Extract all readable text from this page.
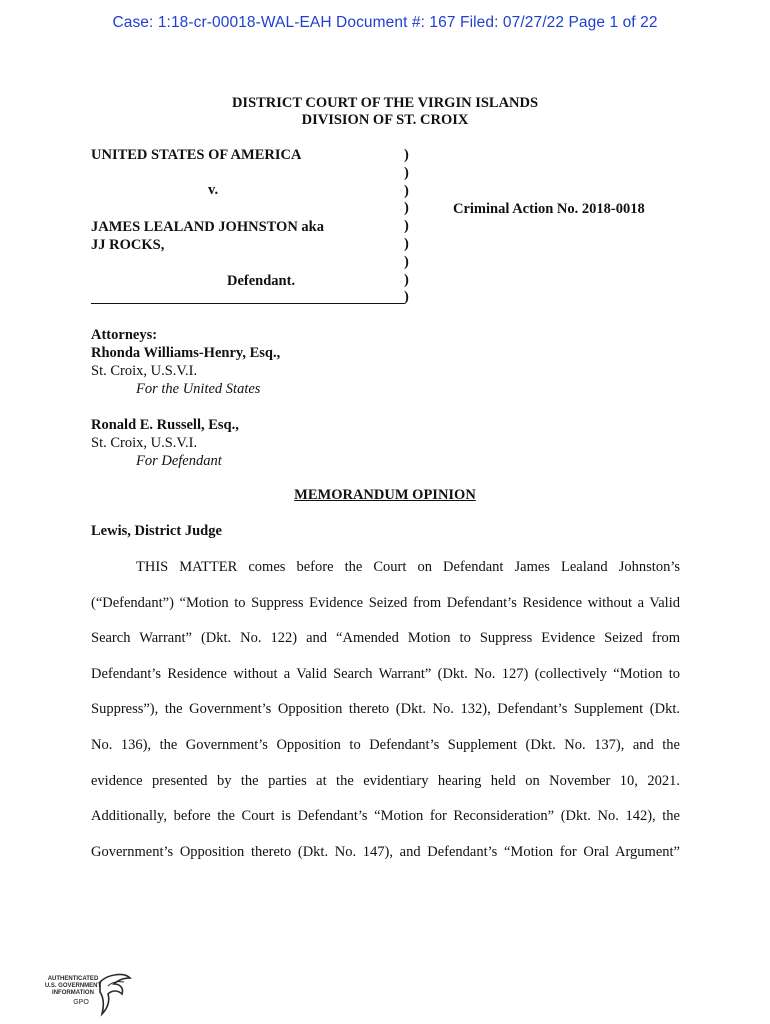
Case: 1:18-cr-00018-WAL-EAH Document #: 167 Filed: 07/27/22 Page 1 of 22
DISTRICT COURT OF THE VIRGIN ISLANDS
DIVISION OF ST. CROIX
UNITED STATES OF AMERICA
v.
JAMES LEALAND JOHNSTON aka
JJ ROCKS,
Defendant.
)
)
)
)
)
)
)
)
)
Criminal Action No. 2018-0018
Attorneys:
Rhonda Williams-Henry, Esq.,
St. Croix, U.S.V.I.
For the United States
Ronald E. Russell, Esq.,
St. Croix, U.S.V.I.
For Defendant
MEMORANDUM OPINION
Lewis, District Judge
THIS MATTER comes before the Court on Defendant James Lealand Johnston’s
(“Defendant”) “Motion to Suppress Evidence Seized from Defendant’s Residence without a Valid
Search Warrant” (Dkt. No. 122) and “Amended Motion to Suppress Evidence Seized from
Defendant’s Residence without a Valid Search Warrant” (Dkt. No. 127) (collectively “Motion to
Suppress”), the Government’s Opposition thereto (Dkt. No. 132), Defendant’s Supplement (Dkt.
No. 136), the Government’s Opposition to Defendant’s Supplement (Dkt. No. 137), and the
evidence presented by the parties at the evidentiary hearing held on November 10, 2021.
Additionally, before the Court is Defendant’s “Motion for Reconsideration” (Dkt. No. 142), the
Government’s Opposition thereto (Dkt. No. 147), and Defendant’s “Motion for Oral Argument”
AUTHENTICATED
U.S. GOVERNMENT
INFORMATION
GPO
